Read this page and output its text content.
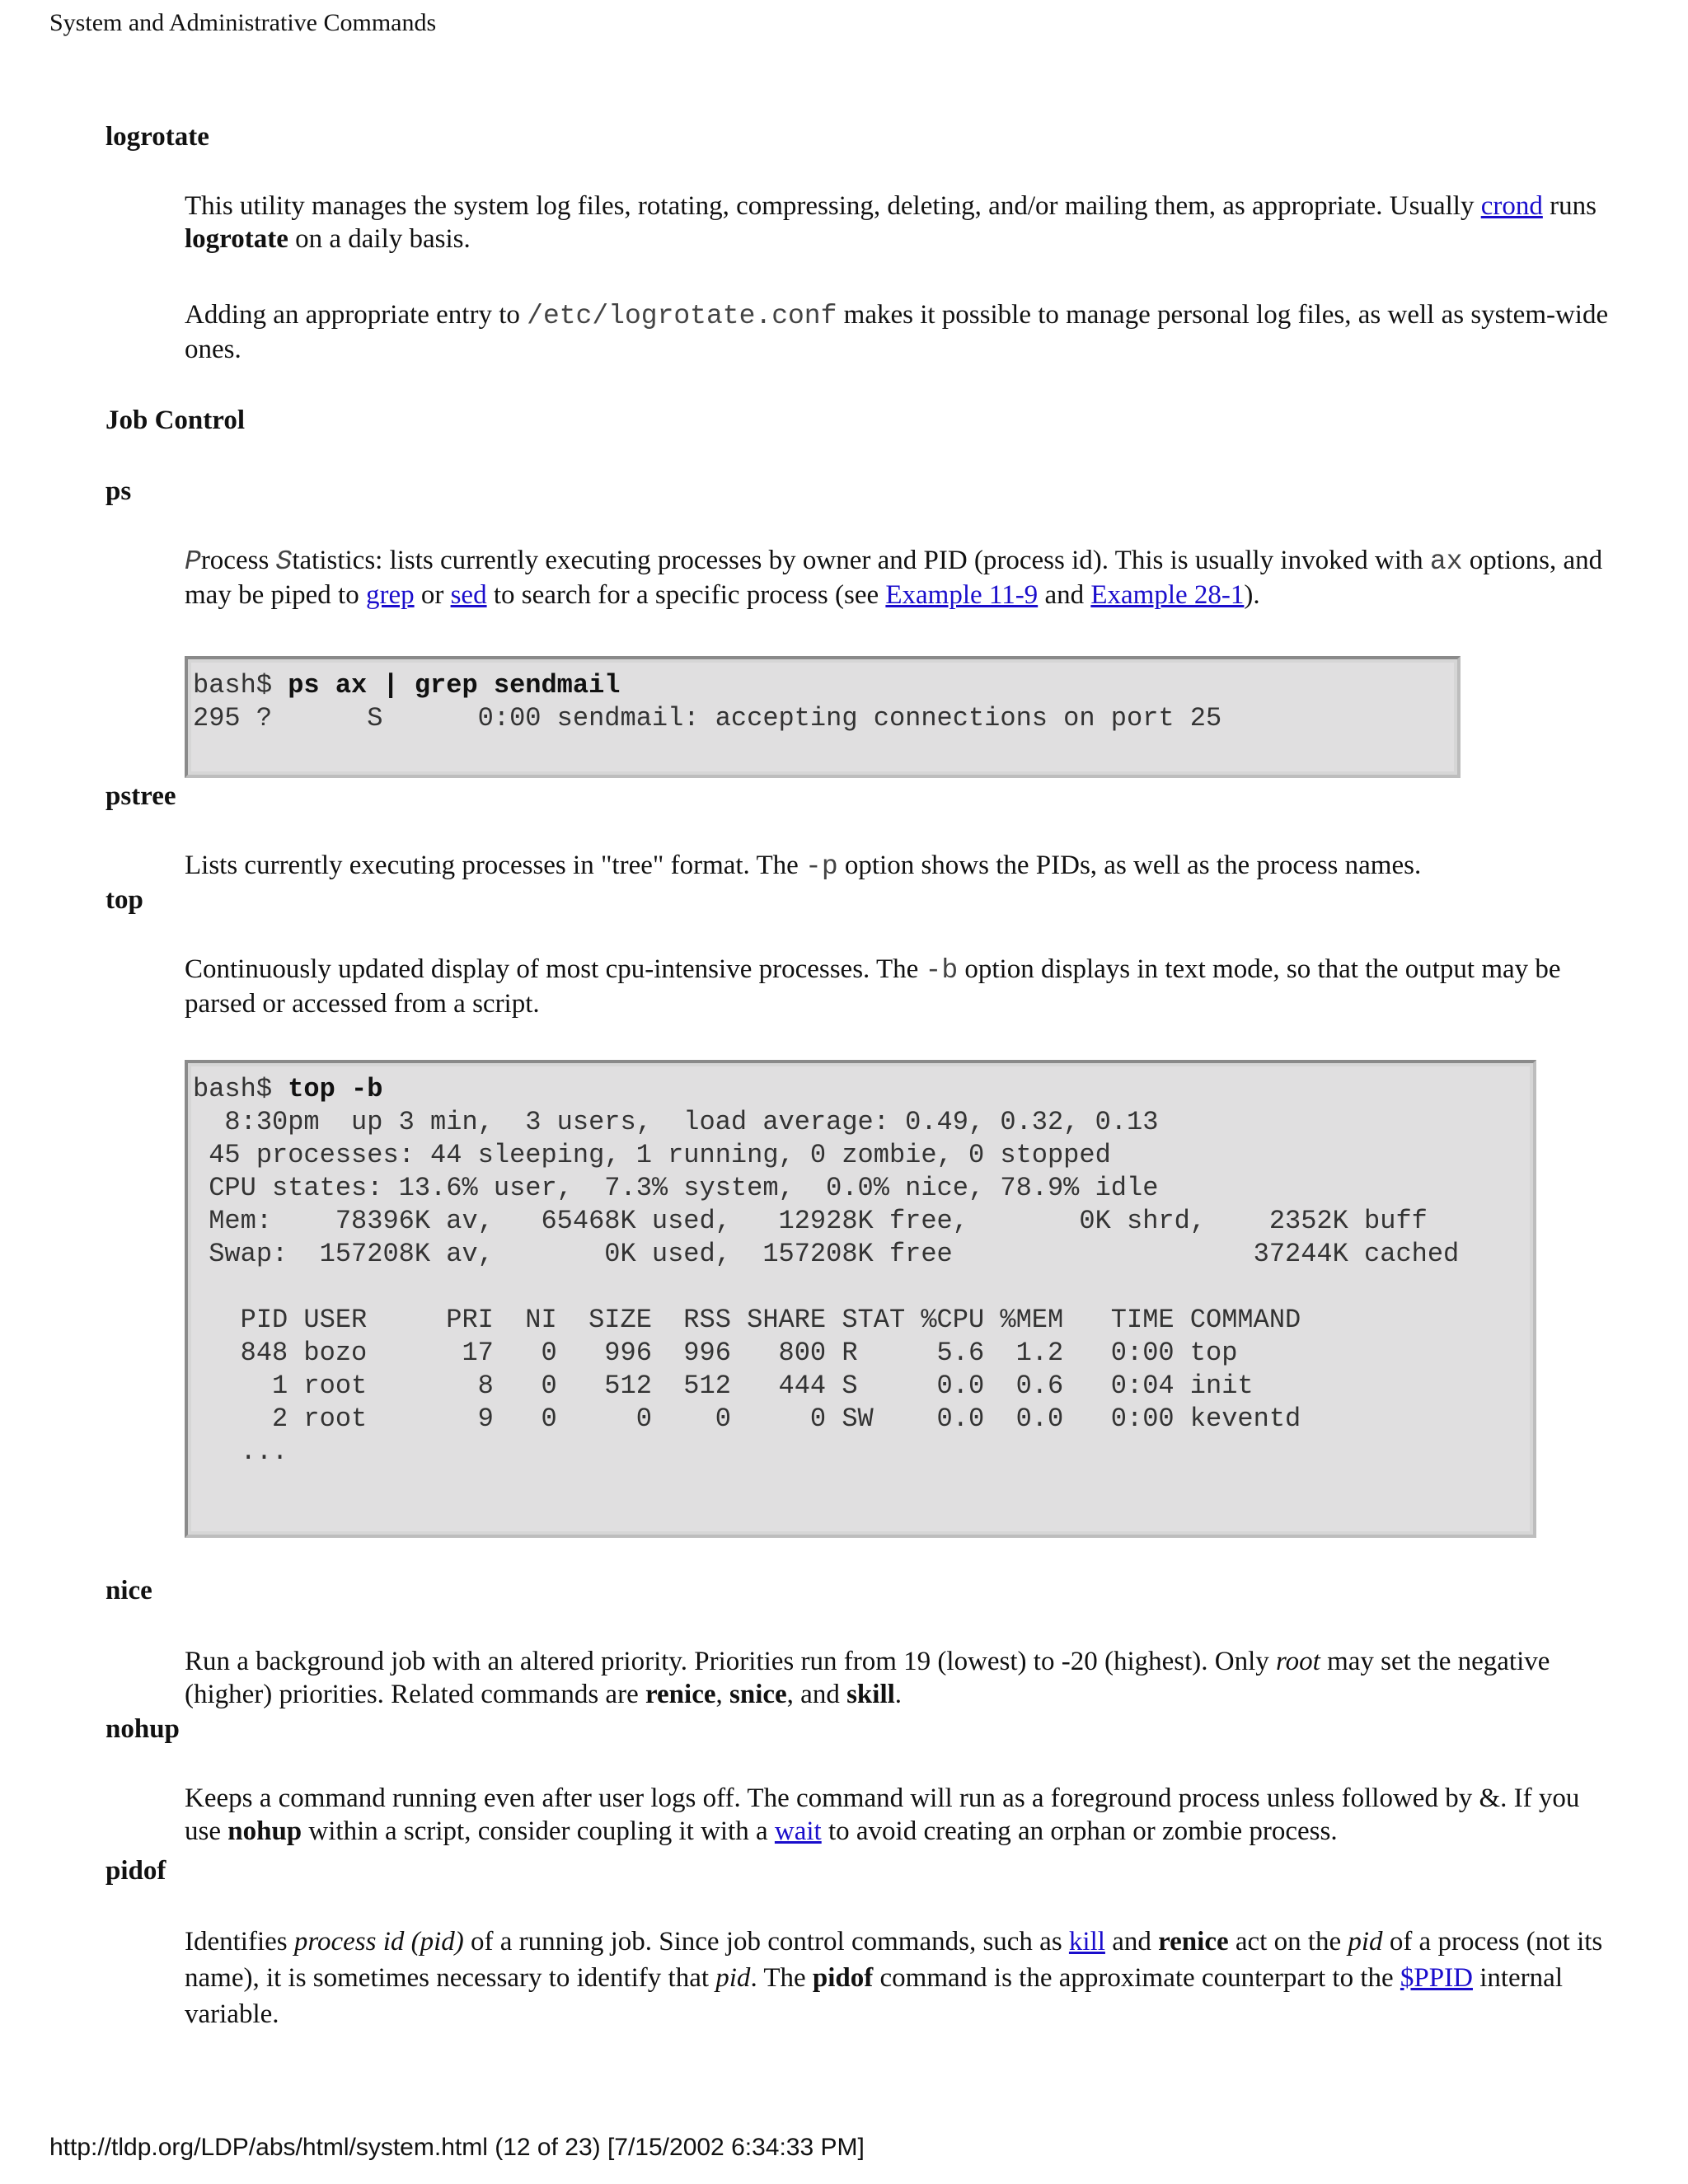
System and Administrative Commands
logrotate
This utility manages the system log files, rotating, compressing, deleting, and/or mailing them, as appropriate. Usually crond runs logrotate on a daily basis.
Adding an appropriate entry to /etc/logrotate.conf makes it possible to manage personal log files, as well as system-wide ones.
Job Control
ps
Process Statistics: lists currently executing processes by owner and PID (process id). This is usually invoked with ax options, and may be piped to grep or sed to search for a specific process (see Example 11-9 and Example 28-1).
bash$ ps ax | grep sendmail
295 ?      S      0:00 sendmail: accepting connections on port 25
pstree
Lists currently executing processes in "tree" format. The -p option shows the PIDs, as well as the process names.
top
Continuously updated display of most cpu-intensive processes. The -b option displays in text mode, so that the output may be parsed or accessed from a script.
bash$ top -b
8:30pm  up 3 min,  3 users,  load average: 0.49, 0.32, 0.13
45 processes: 44 sleeping, 1 running, 0 zombie, 0 stopped
CPU states: 13.6% user,  7.3% system,  0.0% nice, 78.9% idle
Mem:    78396K av,   65468K used,   12928K free,       0K shrd,    2352K buff
Swap:  157208K av,       0K used,  157208K free                   37244K cached

PID USER     PRI  NI  SIZE  RSS SHARE STAT %CPU %MEM   TIME COMMAND
848 bozo      17   0   996  996   800 R     5.6  1.2   0:00 top
1 root       8   0   512  512   444 S     0.0  0.6   0:04 init
2 root       9   0     0    0     0 SW    0.0  0.0   0:00 keventd
...

nice
Run a background job with an altered priority. Priorities run from 19 (lowest) to -20 (highest). Only root may set the negative (higher) priorities. Related commands are renice, snice, and skill.
nohup
Keeps a command running even after user logs off. The command will run as a foreground process unless followed by &. If you use nohup within a script, consider coupling it with a wait to avoid creating an orphan or zombie process.
pidof
Identifies process id (pid) of a running job. Since job control commands, such as kill and renice act on the pid of a process (not its name), it is sometimes necessary to identify that pid. The pidof command is the approximate counterpart to the $PPID internal variable.
http://tldp.org/LDP/abs/html/system.html (12 of 23) [7/15/2002 6:34:33 PM]
